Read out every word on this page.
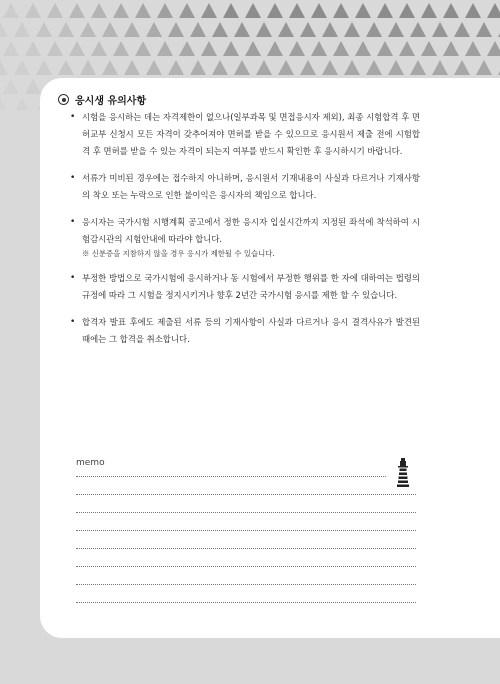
응시생 유의사항
• 시험을 응시하는 데는 자격제한이 없으나(일부과목 및 면접응시자 제외), 최종 시험합격 후 면허교부 신청시 모든 자격이 갖추어져야 면허를 받을 수 있으므로 응시원서 제출 전에 시험합격 후 면허를 받을 수 있는 자격이 되는지 여부를 반드시 확인한 후 응시하시기 바랍니다.
• 서류가 미비된 경우에는 접수하지 아니하며, 응시원서 기재내용이 사실과 다르거나 기재사항의 착오 또는 누락으로 인한 불이익은 응시자의 책임으로 합니다.
• 응시자는 국가시험 시행계획 공고에서 정한 응시자 입실시간까지 지정된 좌석에 착석하여 시험감시관의 시험안내에 따라야 합니다.
※ 신분증을 지참하지 않을 경우 응시가 제한될 수 있습니다.
• 부정한 방법으로 국가시험에 응시하거나 동 시험에서 부정한 행위를 한 자에 대하여는 법령의 규정에 따라 그 시험을 정지시키거나 향후 2년간 국가시험 응시를 제한 할 수 있습니다.
• 합격자 발표 후에도 제출된 서류 등의 기재사항이 사실과 다르거나 응시 결격사유가 발견된 때에는 그 합격을 취소합니다.
memo
